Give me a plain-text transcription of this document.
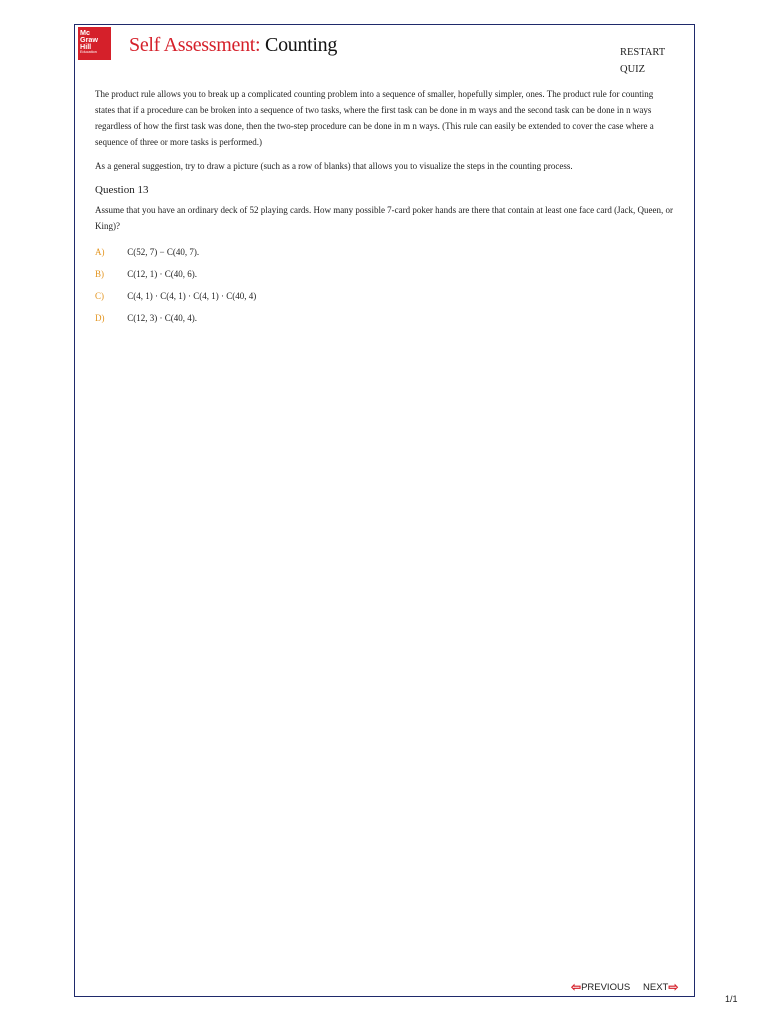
Mc
Graw
Hill
Education	Self Assessment: Counting	RESTART
QUIZ

The product rule allows you to break up a complicated counting problem into a sequence of smaller, hopefully simpler, ones. The product rule for counting states that if a procedure can be broken into a sequence of two tasks, where the first task can be done in m ways and the second task can be done in n ways regardless of how the first task was done, then the two-step procedure can be done in m n ways. (This rule can easily be extended to cover the case where a sequence of three or more tasks is performed.)

As a general suggestion, try to draw a picture (such as a row of blanks) that allows you to visualize the steps in the counting process.

Question 13

Assume that you have an ordinary deck of 52 playing cards. How many possible 7-card poker hands are there that contain at least one face card (Jack, Queen, or King)?

A)	C(52, 7) − C(40, 7).
B)	C(12, 1) · C(40, 6).
C)	C(4, 1) · C(4, 1) · C(4, 1) · C(40, 4)
D)	C(12, 3) · C(40, 4).
⇦ PREVIOUS NEXT ⇨
1/1
